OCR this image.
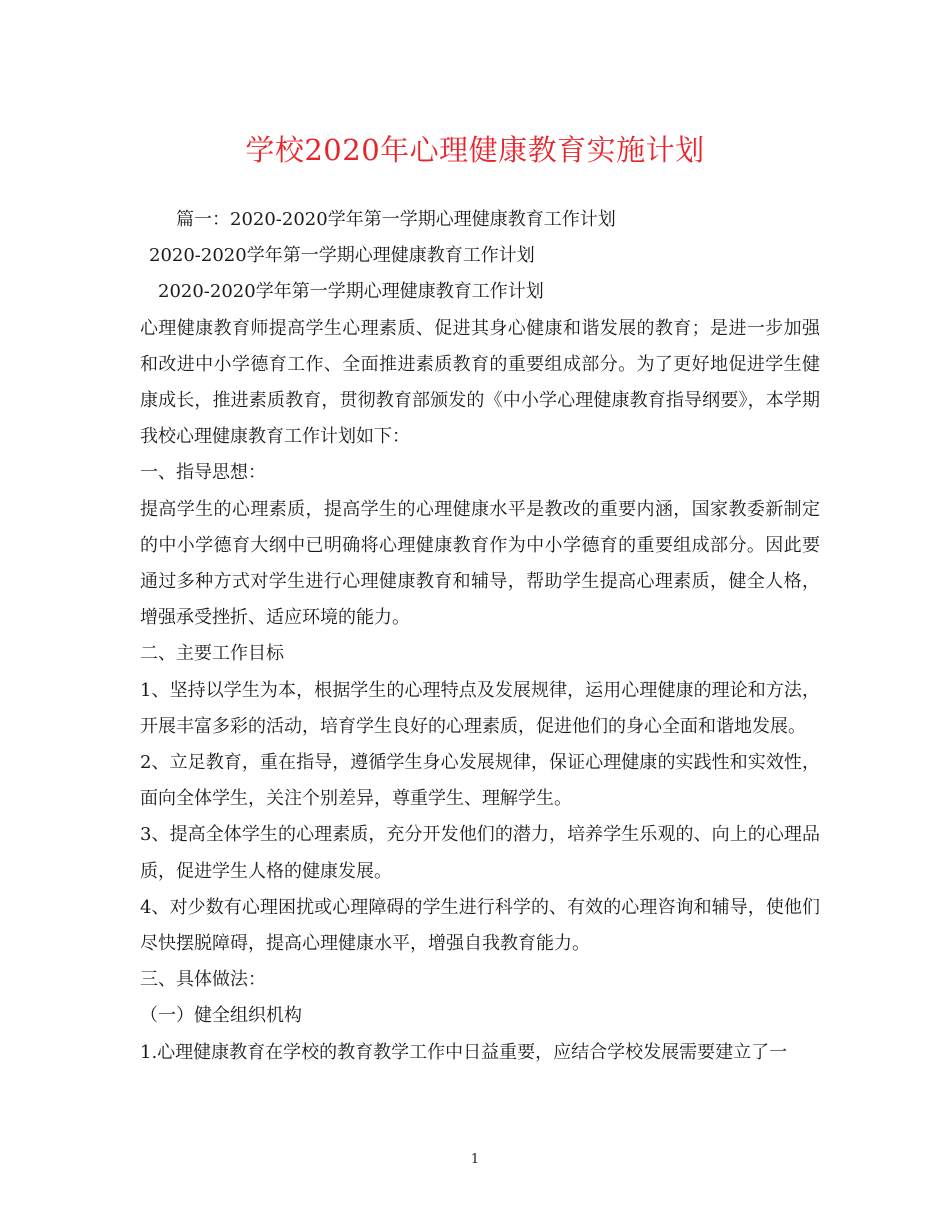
学校2020年心理健康教育实施计划

篇一：2020-2020学年第一学期心理健康教育工作计划

2020-2020学年第一学期心理健康教育工作计划

2020-2020学年第一学期心理健康教育工作计划

心理健康教育师提高学生心理素质、促进其身心健康和谐发展的教育；是进一步加强和改进中小学德育工作、全面推进素质教育的重要组成部分。为了更好地促进学生健康成长，推进素质教育，贯彻教育部颁发的《中小学心理健康教育指导纲要》，本学期我校心理健康教育工作计划如下：

一、指导思想：

提高学生的心理素质，提高学生的心理健康水平是教改的重要内涵，国家教委新制定的中小学德育大纲中已明确将心理健康教育作为中小学德育的重要组成部分。因此要通过多种方式对学生进行心理健康教育和辅导，帮助学生提高心理素质，健全人格，增强承受挫折、适应环境的能力。

二、主要工作目标

1、坚持以学生为本，根据学生的心理特点及发展规律，运用心理健康的理论和方法，开展丰富多彩的活动，培育学生良好的心理素质，促进他们的身心全面和谐地发展。

2、立足教育，重在指导，遵循学生身心发展规律，保证心理健康的实践性和实效性，面向全体学生，关注个别差异，尊重学生、理解学生。

3、提高全体学生的心理素质，充分开发他们的潜力，培养学生乐观的、向上的心理品质，促进学生人格的健康发展。

4、对少数有心理困扰或心理障碍的学生进行科学的、有效的心理咨询和辅导，使他们尽快摆脱障碍，提高心理健康水平，增强自我教育能力。

三、具体做法：

（一）健全组织机构

1.心理健康教育在学校的教育教学工作中日益重要，应结合学校发展需要建立了一

1
